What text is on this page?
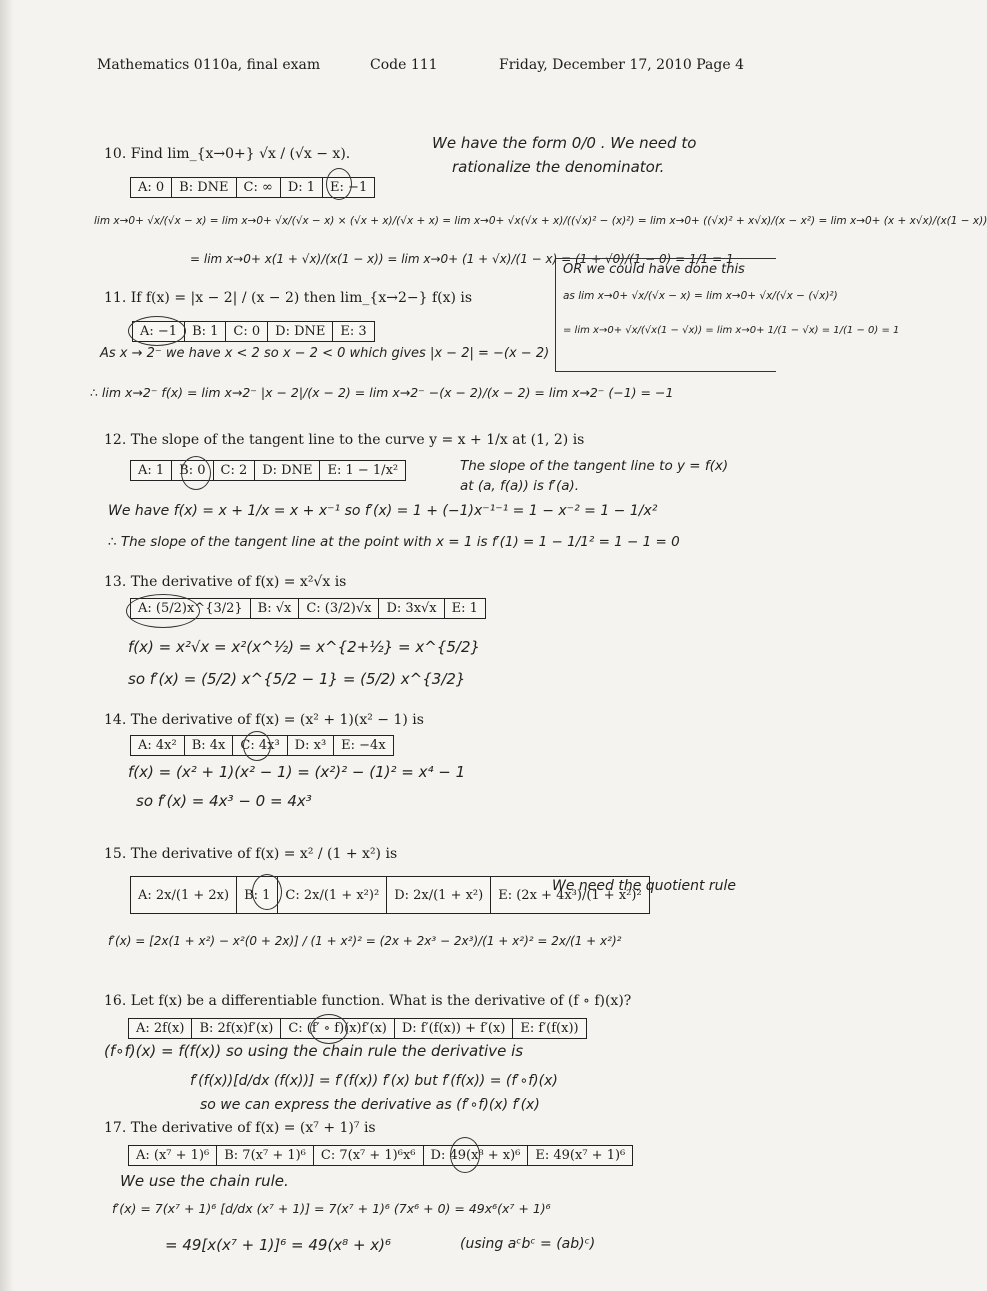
Mathematics 0110a, final exam	Code 111	Friday, December 17, 2010 Page 4
10. Find lim_{x→0+} √x / (√x − x).
We have the form 0/0 . We need to
rationalize the denominator.
A: 0	B: DNE	C: ∞	D: 1	E: −1
lim x→0+ √x/(√x − x) = lim x→0+ √x/(√x − x) × (√x + x)/(√x + x) = lim x→0+ √x(√x + x)/((√x)² − (x)²) = lim x→0+ ((√x)² + x√x)/(x − x²) = lim x→0+ (x + x√x)/(x(1 − x))
= lim x→0+ x(1 + √x)/(x(1 − x)) = lim x→0+ (1 + √x)/(1 − x) = (1 + √0)/(1 − 0) = 1/1 = 1
OR we could have done this
as lim x→0+ √x/(√x − x) = lim x→0+ √x/(√x − (√x)²)
= lim x→0+ √x/(√x(1 − √x)) = lim x→0+ 1/(1 − √x) = 1/(1 − 0) = 1
11. If f(x) = |x − 2| / (x − 2) then lim_{x→2−} f(x) is
A: −1	B: 1	C: 0	D: DNE	E: 3
As x → 2⁻ we have x < 2 so x − 2 < 0 which gives |x − 2| = −(x − 2)
∴ lim x→2⁻ f(x) = lim x→2⁻ |x − 2|/(x − 2) = lim x→2⁻ −(x − 2)/(x − 2) = lim x→2⁻ (−1) = −1
12. The slope of the tangent line to the curve y = x + 1/x at (1, 2) is
A: 1	B: 0	C: 2	D: DNE	E: 1 − 1/x²	The slope of the tangent line to y = f(x)
at (a, f(a)) is f′(a).
We have f(x) = x + 1/x = x + x⁻¹ so f′(x) = 1 + (−1)x⁻¹⁻¹ = 1 − x⁻² = 1 − 1/x²
∴ The slope of the tangent line at the point with x = 1 is f′(1) = 1 − 1/1² = 1 − 1 = 0
13. The derivative of f(x) = x²√x is
A: (5/2)x^{3/2}	B: √x	C: (3/2)√x	D: 3x√x	E: 1
f(x) = x²√x = x²(x^½) = x^{2+½} = x^{5/2}
so f′(x) = (5/2) x^{5/2 − 1} = (5/2) x^{3/2}
14. The derivative of f(x) = (x² + 1)(x² − 1) is
A: 4x²	B: 4x	C: 4x³	D: x³	E: −4x
f(x) = (x² + 1)(x² − 1) = (x²)² − (1)² = x⁴ − 1
so f′(x) = 4x³ − 0 = 4x³
15. The derivative of f(x) = x² / (1 + x²) is
A: 2x/(1 + 2x)	B: 1	C: 2x/(1 + x²)²	D: 2x/(1 + x²)	E: (2x + 4x³)/(1 + x²)²
We need the quotient rule
f′(x) = [2x(1 + x²) − x²(0 + 2x)] / (1 + x²)² = (2x + 2x³ − 2x³)/(1 + x²)² = 2x/(1 + x²)²
16. Let f(x) be a differentiable function. What is the derivative of (f ∘ f)(x)?
A: 2f(x)	B: 2f(x)f′(x)	C: (f′ ∘ f)(x)f′(x)	D: f′(f(x)) + f′(x)	E: f′(f(x))
(f∘f)(x) = f(f(x)) so using the chain rule the derivative is
f′(f(x))[d/dx (f(x))] = f′(f(x)) f′(x) but f′(f(x)) = (f′∘f)(x)
so we can express the derivative as (f′∘f)(x) f′(x)
17. The derivative of f(x) = (x⁷ + 1)⁷ is
A: (x⁷ + 1)⁶	B: 7(x⁷ + 1)⁶	C: 7(x⁷ + 1)⁶x⁶	D: 49(x⁸ + x)⁶	E: 49(x⁷ + 1)⁶
We use the chain rule.
f′(x) = 7(x⁷ + 1)⁶ [d/dx (x⁷ + 1)] = 7(x⁷ + 1)⁶ (7x⁶ + 0) = 49x⁶(x⁷ + 1)⁶
= 49[x(x⁷ + 1)]⁶ = 49(x⁸ + x)⁶	(using aᶜbᶜ = (ab)ᶜ)
